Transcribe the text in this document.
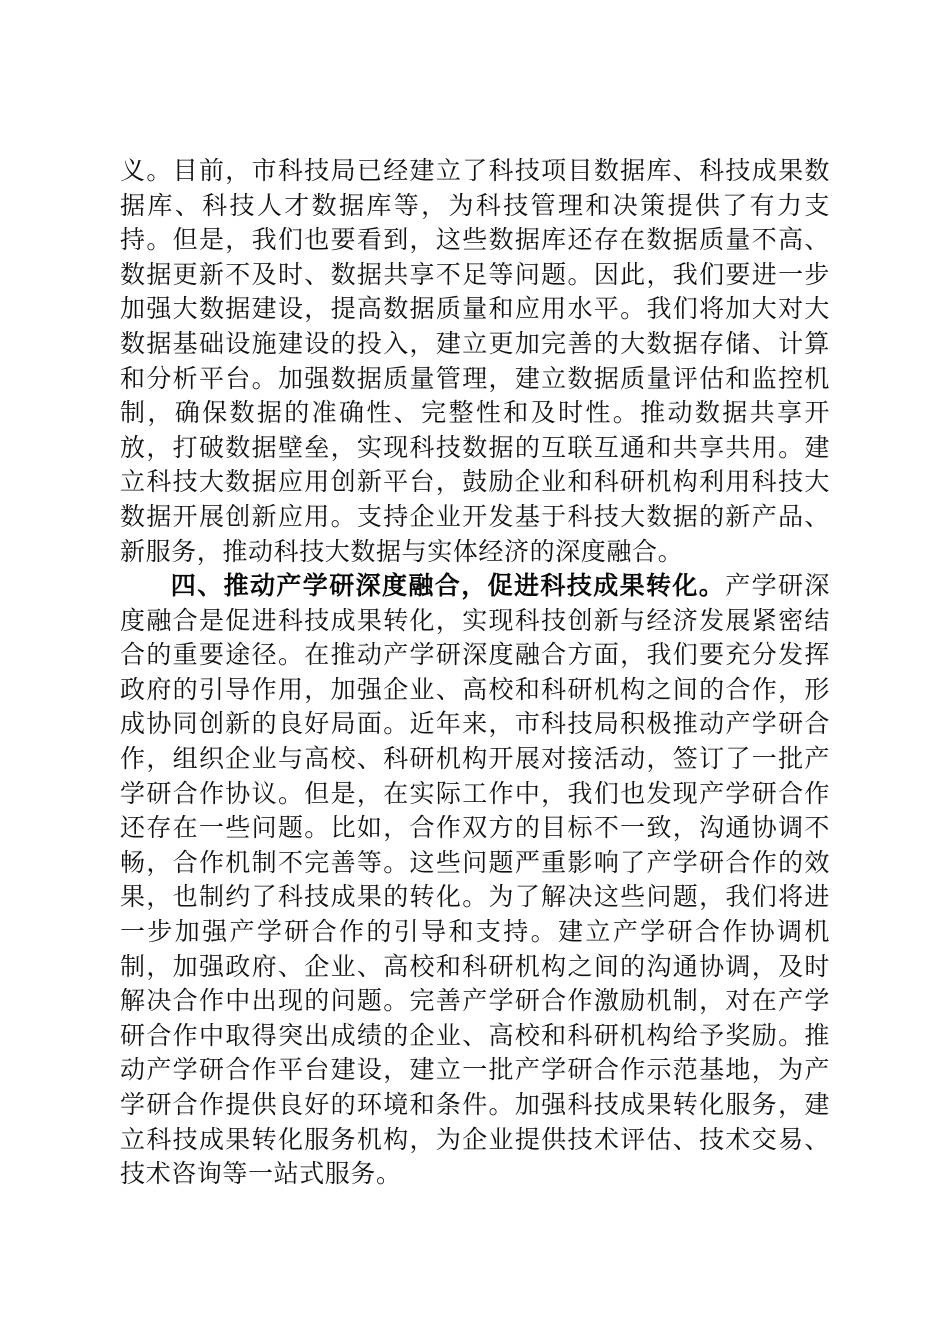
义。目前，市科技局已经建立了科技项目数据库、科技成果数据库、科技人才数据库等，为科技管理和决策提供了有力支持。但是，我们也要看到，这些数据库还存在数据质量不高、数据更新不及时、数据共享不足等问题。因此，我们要进一步加强大数据建设，提高数据质量和应用水平。我们将加大对大数据基础设施建设的投入，建立更加完善的大数据存储、计算和分析平台。加强数据质量管理，建立数据质量评估和监控机制，确保数据的准确性、完整性和及时性。推动数据共享开放，打破数据壁垒，实现科技数据的互联互通和共享共用。建立科技大数据应用创新平台，鼓励企业和科研机构利用科技大数据开展创新应用。支持企业开发基于科技大数据的新产品、新服务，推动科技大数据与实体经济的深度融合。
四、推动产学研深度融合，促进科技成果转化。产学研深度融合是促进科技成果转化，实现科技创新与经济发展紧密结合的重要途径。在推动产学研深度融合方面，我们要充分发挥政府的引导作用，加强企业、高校和科研机构之间的合作，形成协同创新的良好局面。近年来，市科技局积极推动产学研合作，组织企业与高校、科研机构开展对接活动，签订了一批产学研合作协议。但是，在实际工作中，我们也发现产学研合作还存在一些问题。比如，合作双方的目标不一致，沟通协调不畅，合作机制不完善等。这些问题严重影响了产学研合作的效果，也制约了科技成果的转化。为了解决这些问题，我们将进一步加强产学研合作的引导和支持。建立产学研合作协调机制，加强政府、企业、高校和科研机构之间的沟通协调，及时解决合作中出现的问题。完善产学研合作激励机制，对在产学研合作中取得突出成绩的企业、高校和科研机构给予奖励。推动产学研合作平台建设，建立一批产学研合作示范基地，为产学研合作提供良好的环境和条件。加强科技成果转化服务，建立科技成果转化服务机构，为企业提供技术评估、技术交易、技术咨询等一站式服务。
